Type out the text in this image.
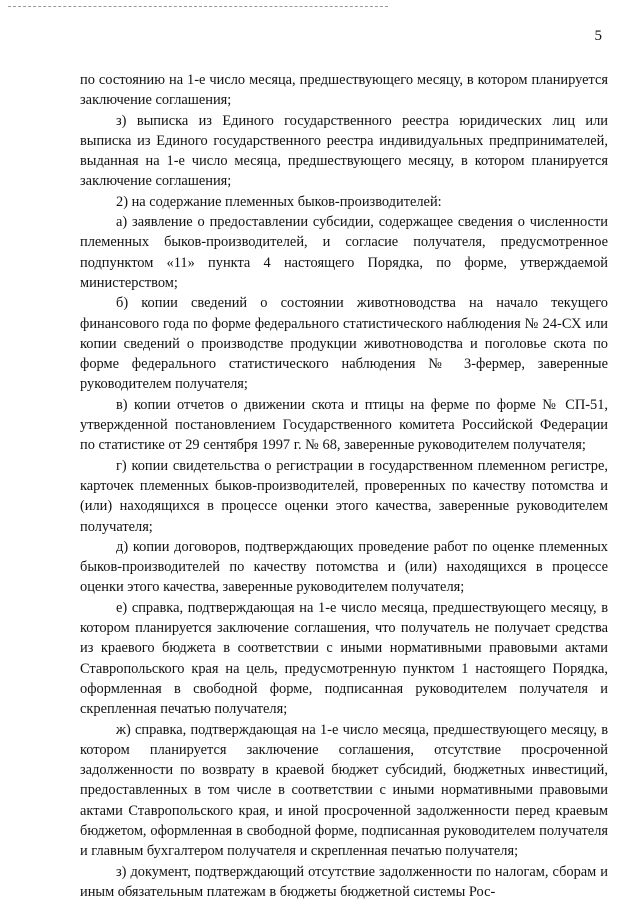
5

по состоянию на 1-е число месяца, предшествующего месяцу, в котором планируется заключение соглашения;

з) выписка из Единого государственного реестра юридических лиц или выписка из Единого государственного реестра индивидуальных предпринимателей, выданная на 1-е число месяца, предшествующего месяцу, в котором планируется заключение соглашения;

2) на содержание племенных быков-производителей:

а) заявление о предоставлении субсидии, содержащее сведения о численности племенных быков-производителей, и согласие получателя, предусмотренное подпунктом «11» пункта 4 настоящего Порядка, по форме, утверждаемой министерством;

б) копии сведений о состоянии животноводства на начало текущего финансового года по форме федерального статистического наблюдения № 24-СХ или копии сведений о производстве продукции животноводства и поголовье скота по форме федерального статистического наблюдения № 3-фермер, заверенные руководителем получателя;

в) копии отчетов о движении скота и птицы на ферме по форме № СП-51, утвержденной постановлением Государственного комитета Российской Федерации по статистике от 29 сентября 1997 г. № 68, заверенные руководителем получателя;

г) копии свидетельства о регистрации в государственном племенном регистре, карточек племенных быков-производителей, проверенных по качеству потомства и (или) находящихся в процессе оценки этого качества, заверенные руководителем получателя;

д) копии договоров, подтверждающих проведение работ по оценке племенных быков-производителей по качеству потомства и (или) находящихся в процессе оценки этого качества, заверенные руководителем получателя;

е) справка, подтверждающая на 1-е число месяца, предшествующего месяцу, в котором планируется заключение соглашения, что получатель не получает средства из краевого бюджета в соответствии с иными нормативными правовыми актами Ставропольского края на цель, предусмотренную пунктом 1 настоящего Порядка, оформленная в свободной форме, подписанная руководителем получателя и скрепленная печатью получателя;

ж) справка, подтверждающая на 1-е число месяца, предшествующего месяцу, в котором планируется заключение соглашения, отсутствие просроченной задолженности по возврату в краевой бюджет субсидий, бюджетных инвестиций, предоставленных в том числе в соответствии с иными нормативными правовыми актами Ставропольского края, и иной просроченной задолженности перед краевым бюджетом, оформленная в свободной форме, подписанная руководителем получателя и главным бухгалтером получателя и скрепленная печатью получателя;

з) документ, подтверждающий отсутствие задолженности по налогам, сборам и иным обязательным платежам в бюджеты бюджетной системы Рос-
